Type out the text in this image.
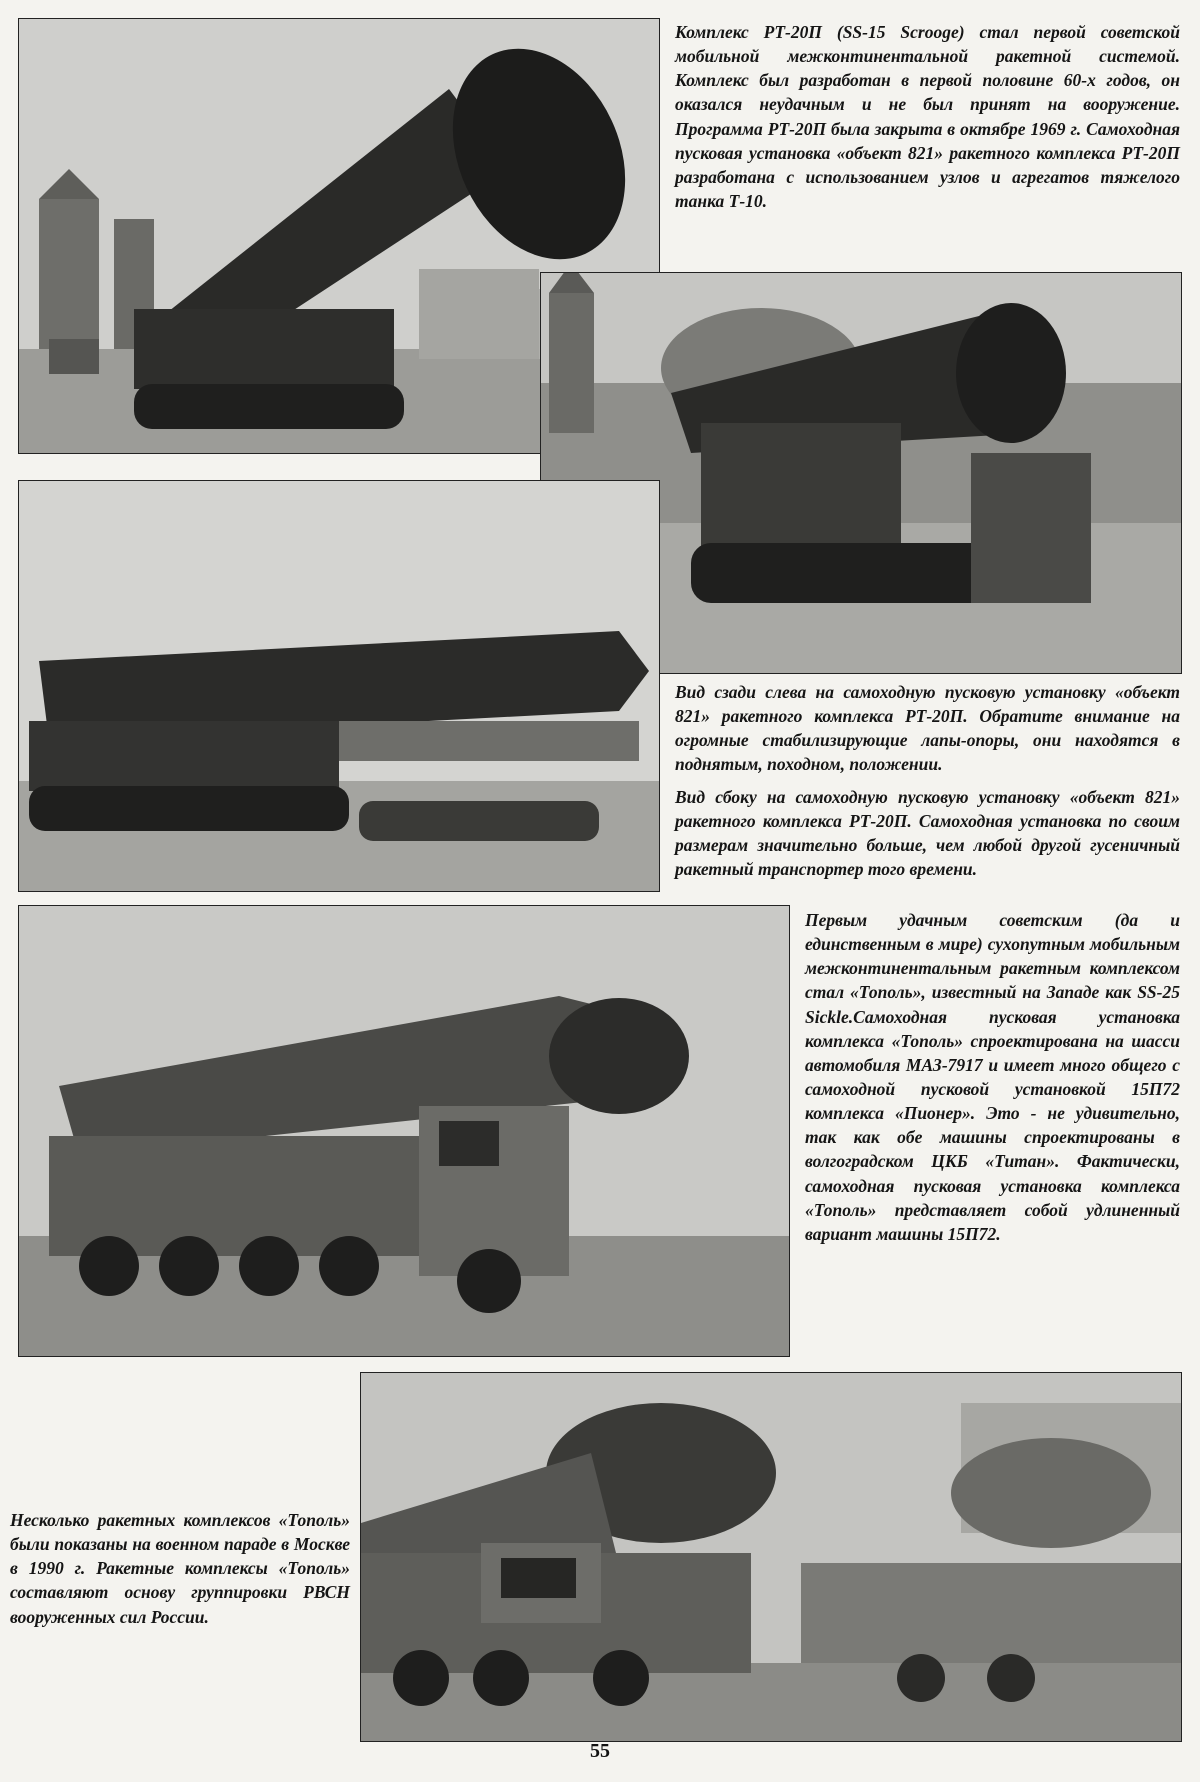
Комплекс РТ-20П (SS-15 Scrooge) стал первой советской мобильной межконтинентальной ракетной системой. Комплекс был разработан в первой половине 60-х годов, он оказался неудачным и не был принят на вооружение. Программа РТ-20П была закрыта в октябре 1969 г. Самоходная пусковая установка «объект 821» ракетного комплекса РТ-20П разработана с использованием узлов и агрегатов тяжелого танка Т-10.

Вид сзади слева на самоходную пусковую установку «объект 821» ракетного комплекса РТ-20П. Обратите внимание на огромные стабилизирующие лапы-опоры, они находятся в поднятым, походном, положении.

Вид сбоку на самоходную пусковую установку «объект 821» ракетного комплекса РТ-20П. Самоходная установка по своим размерам значительно больше, чем любой другой гусеничный ракетный транспортер того времени.

Первым удачным советским (да и единственным в мире) сухопутным мобильным межконтинентальным ракетным комплексом стал «Тополь», известный на Западе как SS-25 Sickle.Самоходная пусковая установка комплекса «Тополь» спроектирована на шасси автомобиля МАЗ-7917 и имеет много общего с самоходной пусковой установкой 15П72 комплекса «Пионер». Это - не удивительно, так как обе машины спроектированы в волгоградском ЦКБ «Титан». Фактически, самоходная пусковая установка комплекса «Тополь» представляет собой удлиненный вариант машины 15П72.

Несколько ракетных комплексов «Тополь» были показаны на военном параде в Москве в 1990 г. Ракетные комплексы «Тополь» составляют основу группировки РВСН вооруженных сил России.

55
